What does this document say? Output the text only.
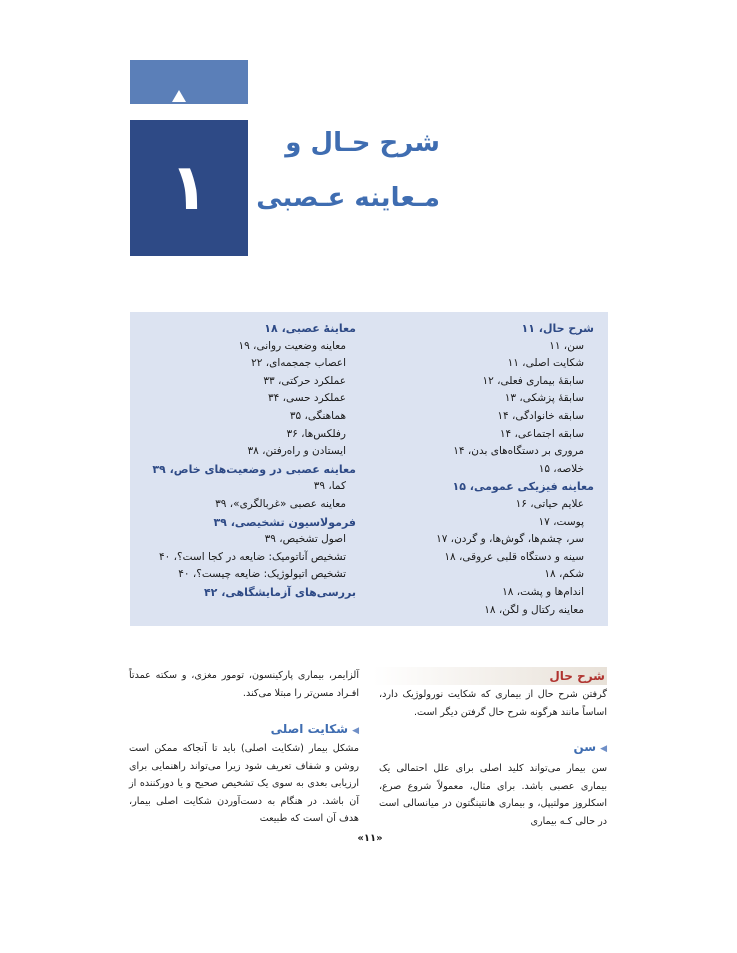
۱
شرح حـال و
مـعاینه عـصبی
شرح حال، ۱۱
سن، ۱۱
شکایت اصلی، ۱۱
سابقهٔ بیماری فعلی، ۱۲
سابقهٔ پزشکی، ۱۳
سابقه خانوادگی، ۱۴
سابقه اجتماعی، ۱۴
مروری بر دستگاه‌های بدن، ۱۴
خلاصه، ۱۵
معاینه فیزیکی عمومی، ۱۵
علایم حیاتی، ۱۶
پوست، ۱۷
سر، چشم‌ها، گوش‌ها، و گردن، ۱۷
سینه و دستگاه قلبی عروقی، ۱۸
شکم، ۱۸
اندام‌ها و پشت، ۱۸
معاینه رکتال و لگن، ۱۸
معاینهٔ عصبی، ۱۸
معاینه وضعیت روانی، ۱۹
اعصاب جمجمه‌ای، ۲۲
عملکرد حرکتی، ۳۳
عملکرد حسی، ۳۴
هماهنگی، ۳۵
رفلکس‌ها، ۳۶
ایستادن و راه‌رفتن، ۳۸
معاینه عصبی در وضعیت‌های خاص، ۳۹
کما، ۳۹
معاینه عصبی «غربالگری»، ۳۹
فرمولاسیون تشخیصی، ۳۹
اصول تشخیص، ۳۹
تشخیص آناتومیک: ضایعه در کجا است؟، ۴۰
تشخیص اتیولوژیک: ضایعه چیست؟، ۴۰
بررسی‌های آزمایشگاهی، ۴۲
شرح حال
گرفتن شرح حال از بیماری که شکایت نورولوژیک دارد، اساساً مانند هرگونه شرح حال گرفتن دیگر است.
◀سن
سن بیمار می‌تواند کلید اصلی برای علل احتمالی یک بیماری عصبی باشد. برای مثال، معمولاً شروع صرع، اسکلروز مولتیپل، و بیماری هانتینگتون در میانسالی است در حالی کـه بیماری
آلزایمر، بیماری پارکینسون، تومور مغزی، و سکته عمدتاً افـراد مسن‌تر را مبتلا می‌کند.
◀شکایت اصلی
مشکل بیمار (شکایت اصلی) باید تا آنجاکه ممکن است روشن و شفاف تعریف شود زیرا می‌تواند راهنمایی برای ارزیابی بعدی به سوی یک تشخیص صحیح و یا دورکننده از آن باشد. در هنگام به دست‌آوردن شکایت اصلی بیمار، هدف آن است که طبیعت
«۱۱»
